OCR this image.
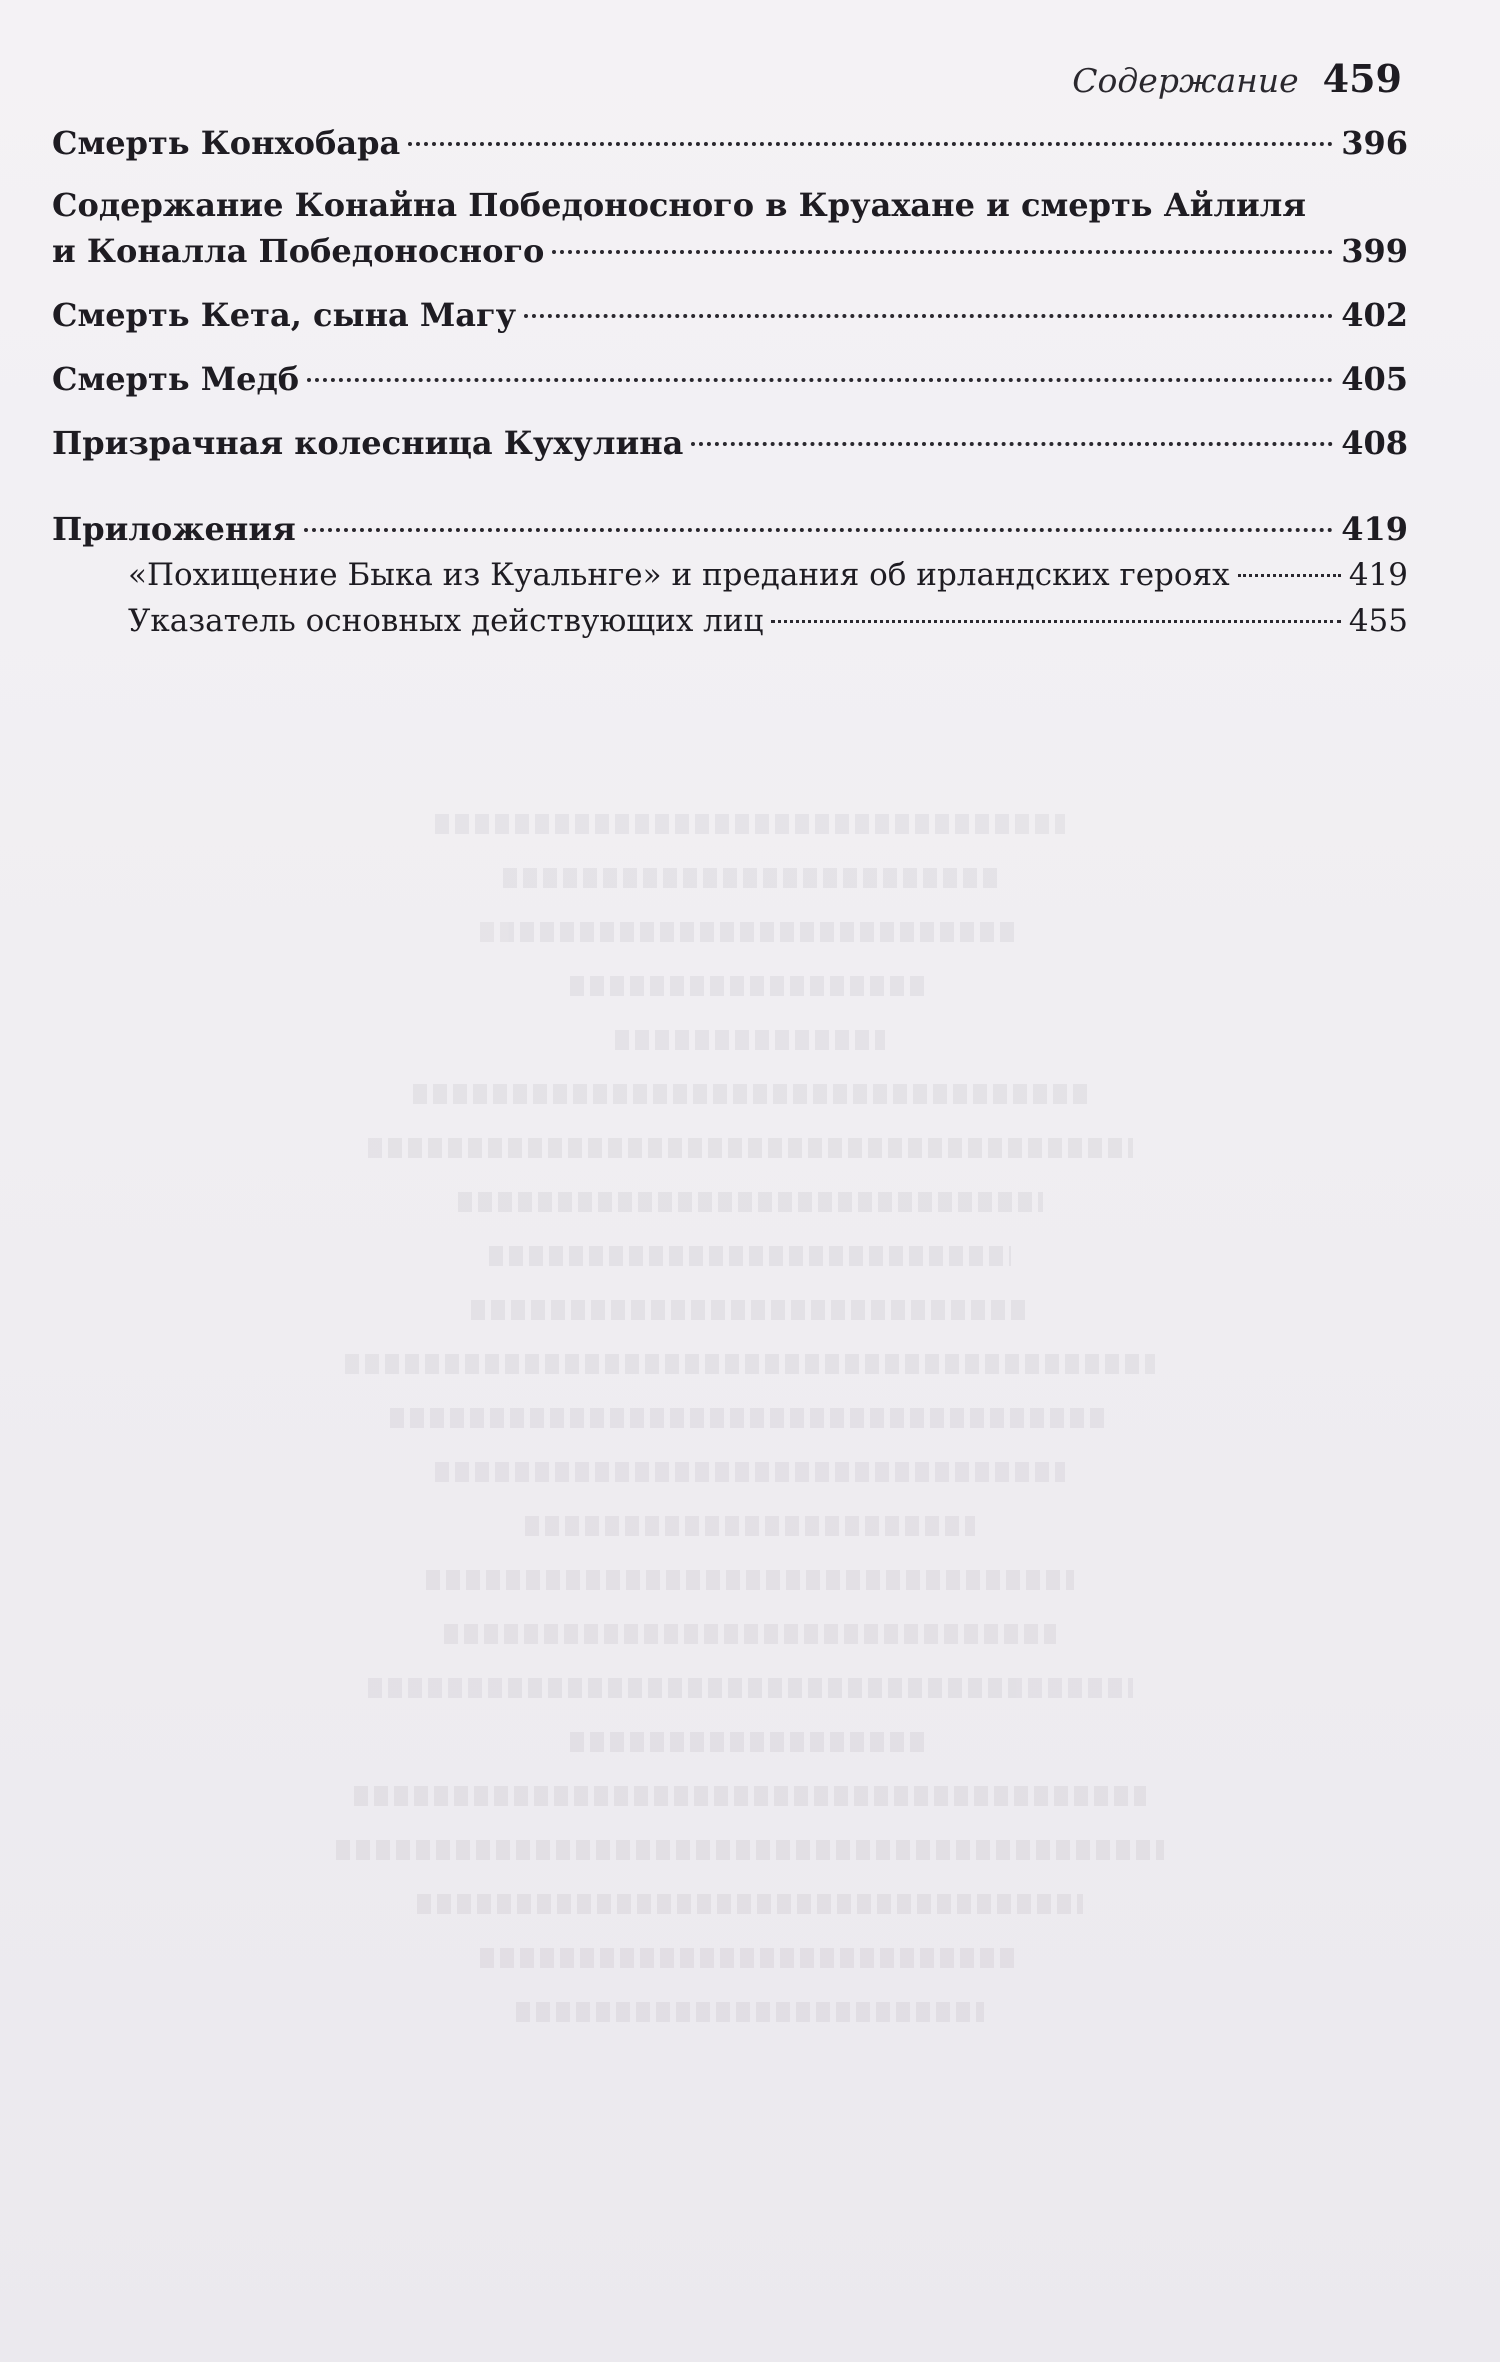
Содержание 459
Смерть Конхобара	396
Содержание Конайна Победоносного в Круахане и смерть Айлиля
и Коналла Победоносного	399
Смерть Кета, сына Магу	402
Смерть Медб	405
Призрачная колесница Кухулина	408
Приложения	419
«Похищение Быка из Куальнге» и предания об ирландских героях	419
Указатель основных действующих лиц	455
